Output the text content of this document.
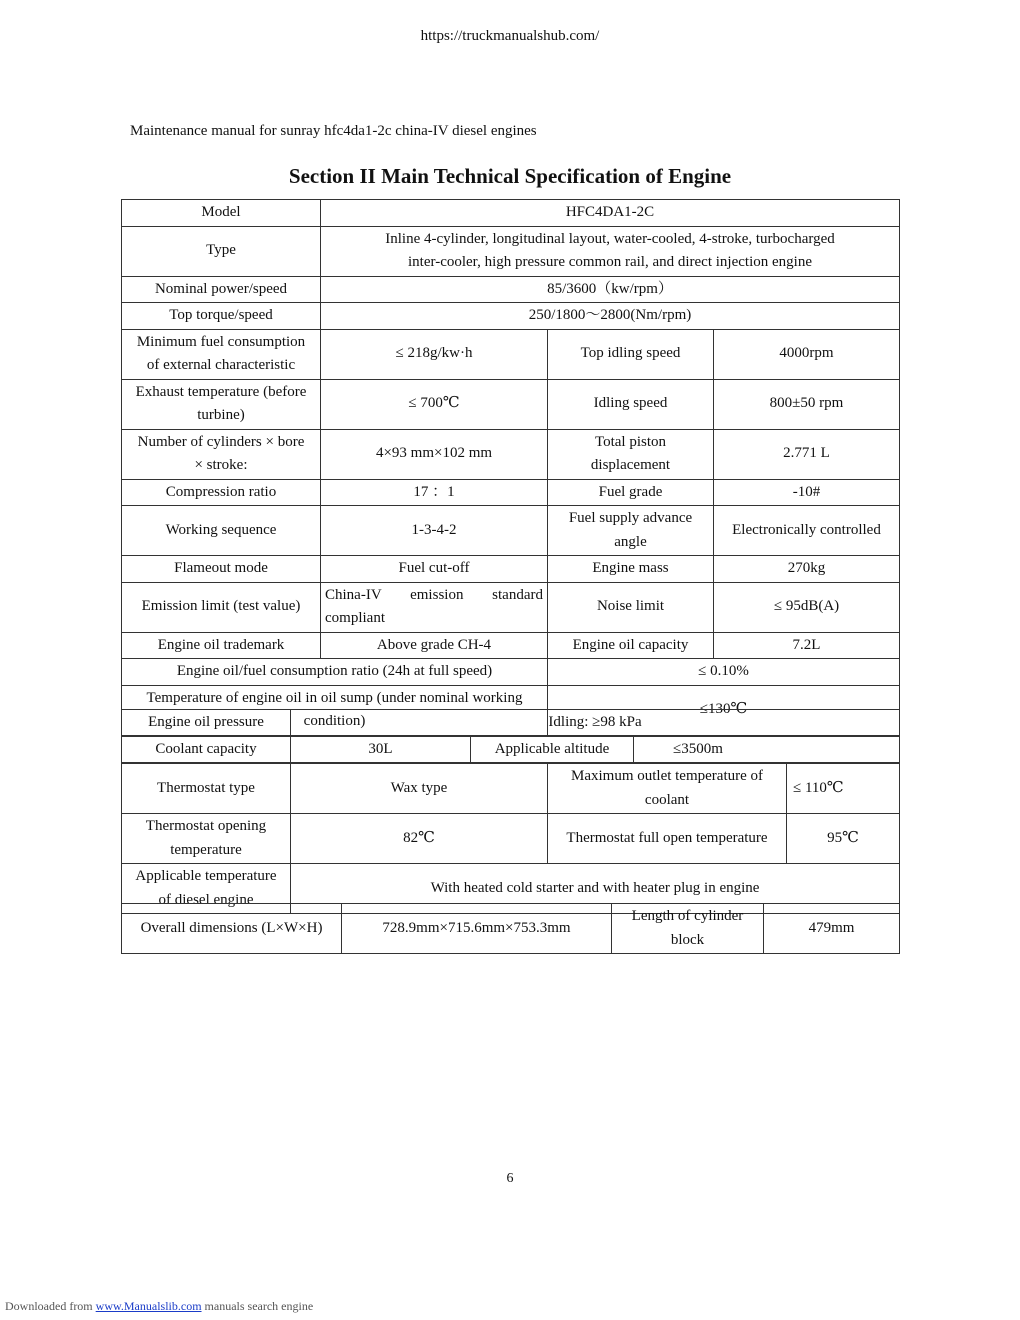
https://truckmanualshub.com/
Maintenance manual for sunray hfc4da1-2c china-IV diesel engines
Section II Main Technical Specification of Engine
Model	HFC4DA1-2C		
Type	Inline 4-cylinder, longitudinal layout, water-cooled, 4-stroke, turbocharged
inter-cooler, high pressure common rail, and direct injection engine		
Nominal power/speed	85/3600（kw/rpm）		
Top torque/speed	250/1800～2800(Nm/rpm)		
Minimum fuel consumption
of external characteristic	≤ 218g/kw·h	Top idling speed	4000rpm
Exhaust temperature (before
turbine)	≤ 700℃	Idling speed	800±50 rpm
Number of cylinders × bore
× stroke:	4×93 mm×102 mm	Total piston
displacement	2.771 L
Compression ratio	17 ：1	Fuel grade	-10#
Working sequence	1-3-4-2	Fuel supply advance
angle	Electronically controlled
Flameout mode	Fuel cut-off	Engine mass	270kg
Emission limit (test value)	China-IV emission standard
compliant	Noise limit	≤ 95dB(A)
Engine oil trademark	Above grade CH-4	Engine oil capacity	7.2L
Engine oil/fuel consumption ratio (24h at full speed)		≤ 0.10%	
Temperature of engine oil in oil sump (under nominal working
condition)		≤130℃	
Engine oil pressure	Idling: ≥98 kPa		
Coolant capacity	30L	Applicable altitude	≤3500m
Thermostat type	Wax type	Maximum outlet temperature of
coolant	≤ 110℃
Thermostat opening
temperature	82℃	Thermostat full open temperature	95℃
Applicable temperature
of diesel engine	With heated cold starter and with heater plug in engine		
Overall dimensions (L×W×H)	728.9mm×715.6mm×753.3mm	Length of cylinder
block	479mm
6
Downloaded from www.Manualslib.com manuals search engine
